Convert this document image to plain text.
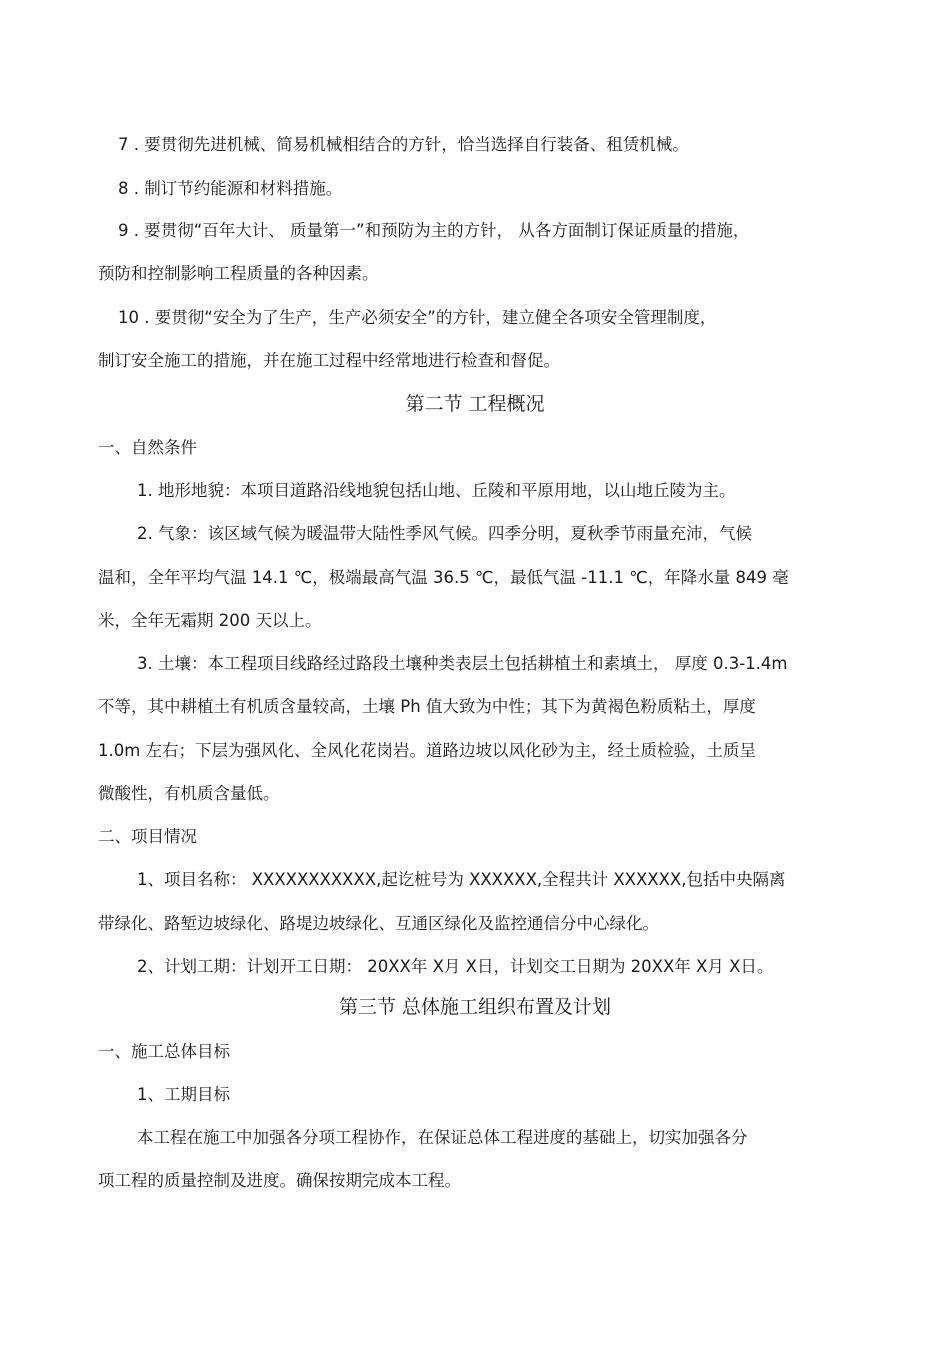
7 . 要贯彻先进机械、简易机械相结合的方针，恰当选择自行装备、租赁机械。
8 . 制订节约能源和材料措施。
9 . 要贯彻“百年大计、 质量第一”和预防为主的方针， 从各方面制订保证质量的措施，
预防和控制影响工程质量的各种因素。
10 . 要贯彻“安全为了生产，生产必须安全”的方针，建立健全各项安全管理制度，
制订安全施工的措施，并在施工过程中经常地进行检查和督促。
第二节 工程概况
一、自然条件
1. 地形地貌：本项目道路沿线地貌包括山地、丘陵和平原用地，以山地丘陵为主。
2. 气象：该区域气候为暖温带大陆性季风气候。四季分明，夏秋季节雨量充沛，气候
温和，全年平均气温 14.1 ℃，极端最高气温 36.5 ℃，最低气温 -11.1 ℃，年降水量 849 毫
米，全年无霜期 200 天以上。
3. 土壤：本工程项目线路经过路段土壤种类表层土包括耕植土和素填土， 厚度 0.3-1.4m
不等，其中耕植土有机质含量较高，土壤 Ph 值大致为中性；其下为黄褐色粉质粘土，厚度
1.0m 左右；下层为强风化、全风化花岗岩。道路边坡以风化砂为主，经土质检验，土质呈
微酸性，有机质含量低。
二、项目情况
1、项目名称： XXXXXXXXXXX,起讫桩号为 XXXXXX,全程共计 XXXXXX,包括中央隔离
带绿化、路堑边坡绿化、路堤边坡绿化、互通区绿化及监控通信分中心绿化。
2、计划工期：计划开工日期： 20XX年 X月 X日，计划交工日期为 20XX年 X月 X日。
第三节 总体施工组织布置及计划
一、施工总体目标
1、工期目标
本工程在施工中加强各分项工程协作，在保证总体工程进度的基础上，切实加强各分
项工程的质量控制及进度。确保按期完成本工程。
